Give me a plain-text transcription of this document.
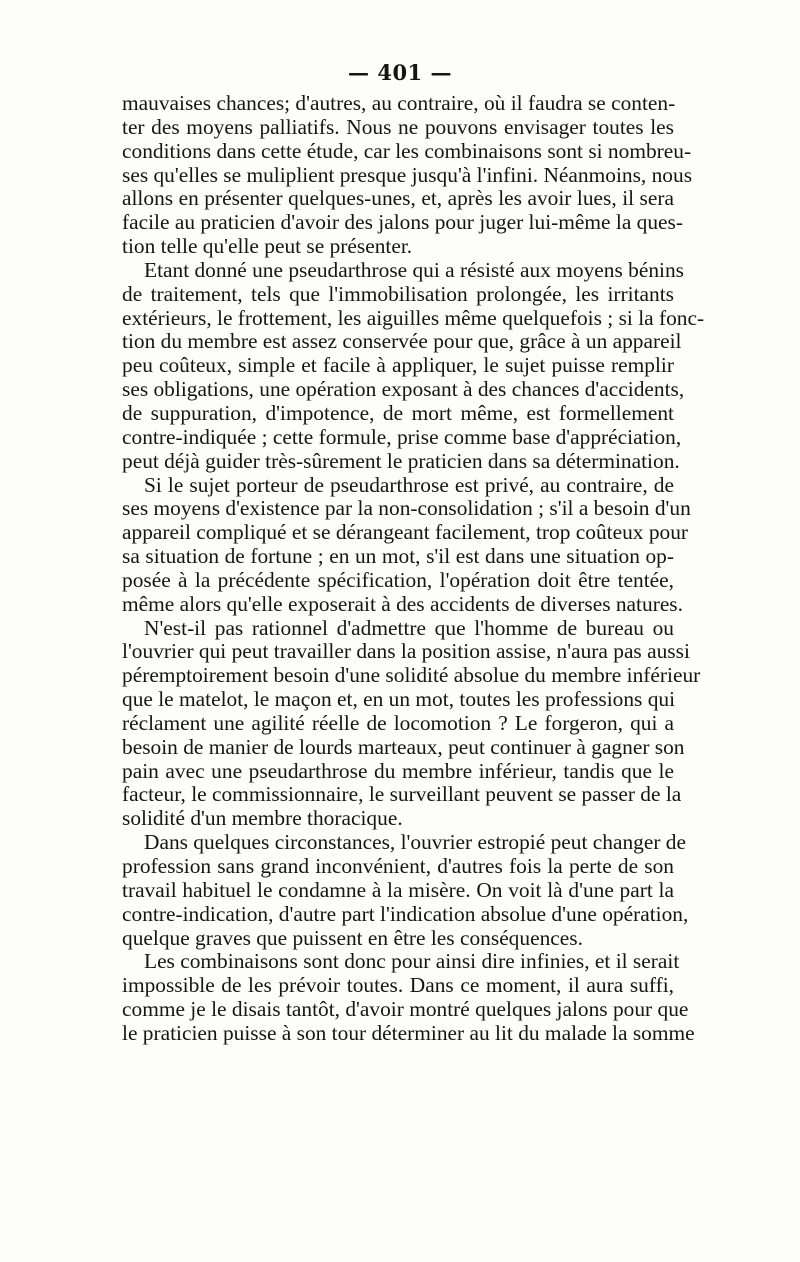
— 401 —
mauvaises chances; d'autres, au contraire, où il faudra se conten-
ter des moyens palliatifs. Nous ne pouvons envisager toutes les
conditions dans cette étude, car les combinaisons sont si nombreu-
ses qu'elles se muliplient presque jusqu'à l'infini. Néanmoins, nous
allons en présenter quelques-unes, et, après les avoir lues, il sera
facile au praticien d'avoir des jalons pour juger lui-même la ques-
tion telle qu'elle peut se présenter.
Etant donné une pseudarthrose qui a résisté aux moyens bénins
de traitement, tels que l'immobilisation prolongée, les irritants
extérieurs, le frottement, les aiguilles même quelquefois ; si la fonc-
tion du membre est assez conservée pour que, grâce à un appareil
peu coûteux, simple et facile à appliquer, le sujet puisse remplir
ses obligations, une opération exposant à des chances d'accidents,
de suppuration, d'impotence, de mort même, est formellement
contre-indiquée ; cette formule, prise comme base d'appréciation,
peut déjà guider très-sûrement le praticien dans sa détermination.
Si le sujet porteur de pseudarthrose est privé, au contraire, de
ses moyens d'existence par la non-consolidation ; s'il a besoin d'un
appareil compliqué et se dérangeant facilement, trop coûteux pour
sa situation de fortune ; en un mot, s'il est dans une situation op-
posée à la précédente spécification, l'opération doit être tentée,
même alors qu'elle exposerait à des accidents de diverses natures.
N'est-il pas rationnel d'admettre que l'homme de bureau ou
l'ouvrier qui peut travailler dans la position assise, n'aura pas aussi
péremptoirement besoin d'une solidité absolue du membre inférieur
que le matelot, le maçon et, en un mot, toutes les professions qui
réclament une agilité réelle de locomotion ? Le forgeron, qui a
besoin de manier de lourds marteaux, peut continuer à gagner son
pain avec une pseudarthrose du membre inférieur, tandis que le
facteur, le commissionnaire, le surveillant peuvent se passer de la
solidité d'un membre thoracique.
Dans quelques circonstances, l'ouvrier estropié peut changer de
profession sans grand inconvénient, d'autres fois la perte de son
travail habituel le condamne à la misère. On voit là d'une part la
contre-indication, d'autre part l'indication absolue d'une opération,
quelque graves que puissent en être les conséquences.
Les combinaisons sont donc pour ainsi dire infinies, et il serait
impossible de les prévoir toutes. Dans ce moment, il aura suffi,
comme je le disais tantôt, d'avoir montré quelques jalons pour que
le praticien puisse à son tour déterminer au lit du malade la somme
